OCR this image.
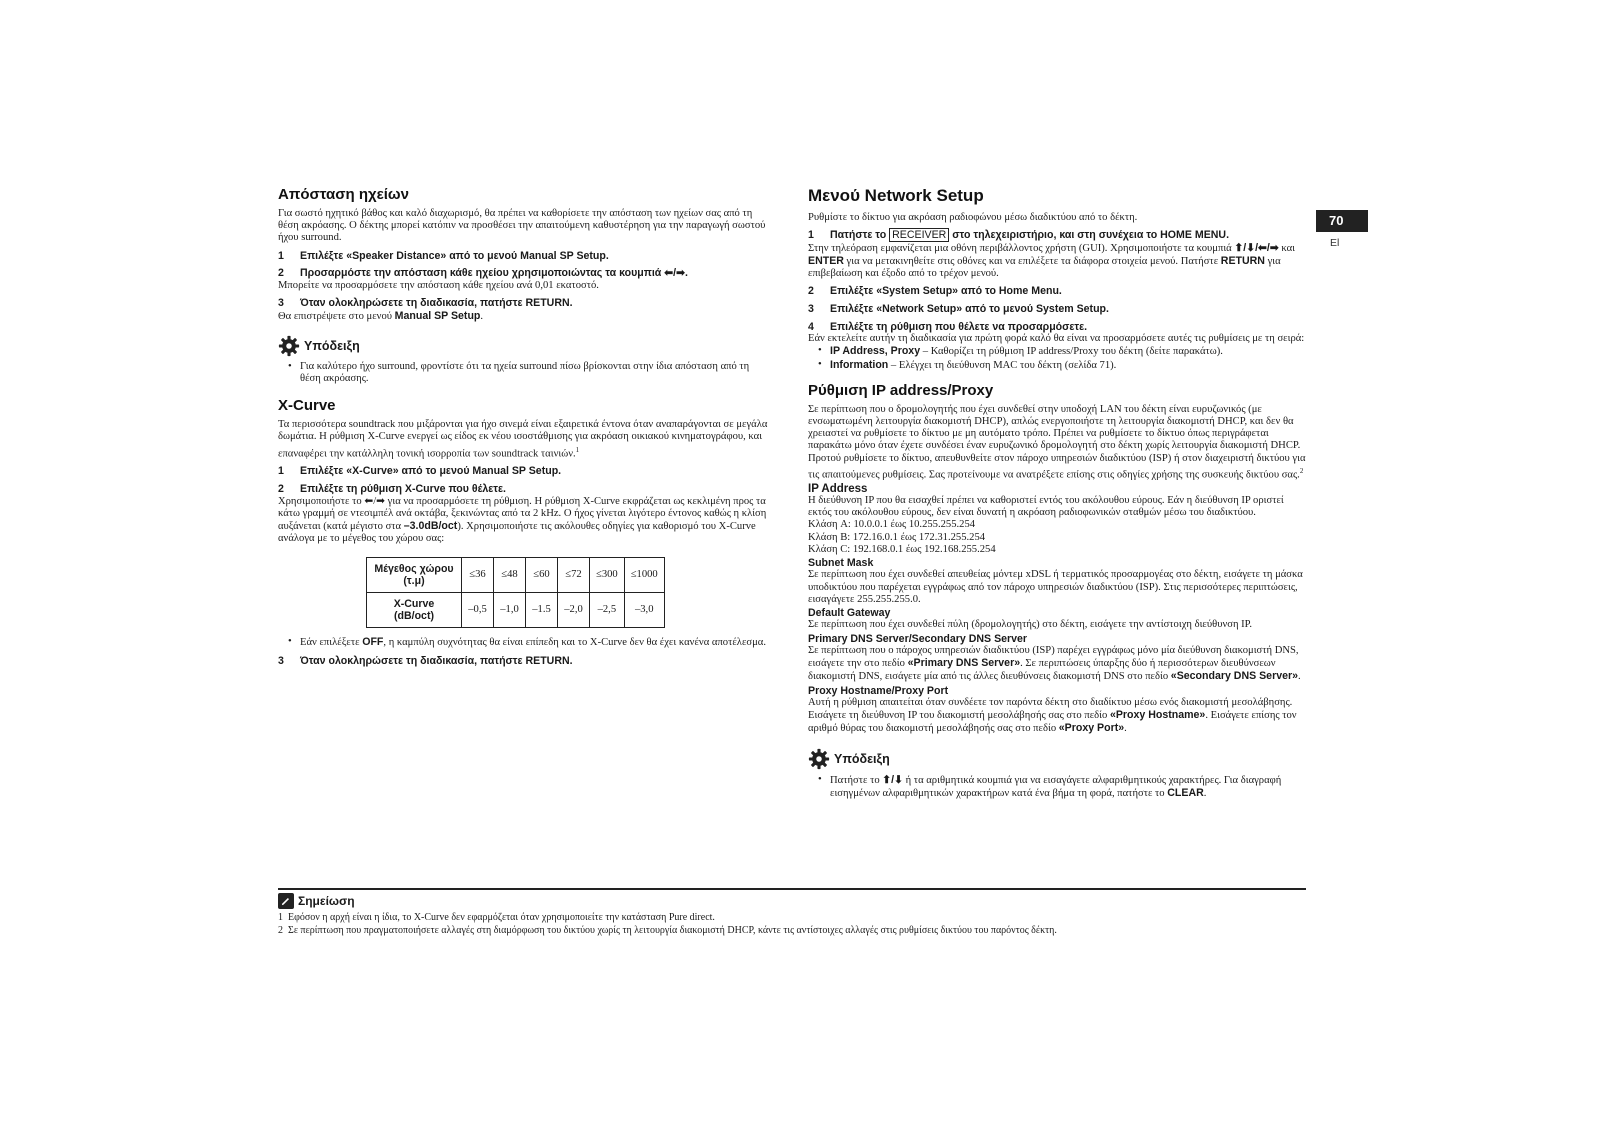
70
El
Απόσταση ηχείων

Για σωστό ηχητικό βάθος και καλό διαχωρισμό, θα πρέπει να καθορίσετε την απόσταση των ηχείων σας από τη θέση ακρόασης. Ο δέκτης μπορεί κατόπιν να προσθέσει την απαιτούμενη καθυστέρηση για την παραγωγή σωστού ήχου surround.

1	Επιλέξτε «Speaker Distance» από το μενού Manual SP Setup.
2	Προσαρμόστε την απόσταση κάθε ηχείου χρησιμοποιώντας τα κουμπιά ⬅/➡.

Μπορείτε να προσαρμόσετε την απόσταση κάθε ηχείου ανά 0,01 εκατοστό.

3	Όταν ολοκληρώσετε τη διαδικασία, πατήστε RETURN.

Θα επιστρέψετε στο μενού Manual SP Setup.

Υπόδειξη
• Για καλύτερο ήχο surround, φροντίστε ότι τα ηχεία surround πίσω βρίσκονται στην ίδια απόσταση από τη θέση ακρόασης.
X-Curve

Τα περισσότερα soundtrack που μιξάρονται για ήχο σινεμά είναι εξαιρετικά έντονα όταν αναπαράγονται σε μεγάλα δωμάτια. Η ρύθμιση X-Curve ενεργεί ως είδος εκ νέου ισοστάθμισης για ακρόαση οικιακού κινηματογράφου, και επαναφέρει την κατάλληλη τονική ισορροπία των soundtrack ταινιών.$^1$

1	Επιλέξτε «X-Curve» από το μενού Manual SP Setup.
2	Επιλέξτε τη ρύθμιση X-Curve που θέλετε.

Χρησιμοποιήστε το ⬅/➡ για να προσαρμόσετε τη ρύθμιση. Η ρύθμιση X-Curve εκφράζεται ως κεκλιμένη προς τα κάτω γραμμή σε ντεσιμπέλ ανά οκτάβα, ξεκινώντας από τα 2 kHz. Ο ήχος γίνεται λιγότερο έντονος καθώς η κλίση αυξάνεται (κατά μέγιστο στα –3.0dB/oct). Χρησιμοποιήστε τις ακόλουθες οδηγίες για καθορισμό του X-Curve ανάλογα με το μέγεθος του χώρου σας:

Μέγεθος χώρου (τ.μ)	≤36	≤48	≤60	≤72	≤300	≤1000
X-Curve (dB/oct)	–0,5	–1,0	–1.5	–2,0	–2,5	–3,0
• Εάν επιλέξετε OFF, η καμπύλη συχνότητας θα είναι επίπεδη και το X-Curve δεν θα έχει κανένα αποτέλεσμα.
3	Όταν ολοκληρώσετε τη διαδικασία, πατήστε RETURN.
Μενού Network Setup

Ρυθμίστε το δίκτυο για ακρόαση ραδιοφώνου μέσω διαδικτύου από το δέκτη.

1	Πατήστε το RECEIVER στο τηλεχειριστήριο, και στη συνέχεια το HOME MENU.

Στην τηλεόραση εμφανίζεται μια οθόνη περιβάλλοντος χρήστη (GUI). Χρησιμοποιήστε τα κουμπιά ⬆/⬇/⬅/➡ και ENTER για να μετακινηθείτε στις οθόνες και να επιλέξετε τα διάφορα στοιχεία μενού. Πατήστε RETURN για επιβεβαίωση και έξοδο από το τρέχον μενού.

2	Επιλέξτε «System Setup» από το Home Menu.
3	Επιλέξτε «Network Setup» από το μενού System Setup.
4	Επιλέξτε τη ρύθμιση που θέλετε να προσαρμόσετε.

Εάν εκτελείτε αυτήν τη διαδικασία για πρώτη φορά καλό θα είναι να προσαρμόσετε αυτές τις ρυθμίσεις με τη σειρά:

• IP Address, Proxy – Καθορίζει τη ρύθμιση IP address/Proxy του δέκτη (δείτε παρακάτω).
• Information – Ελέγχει τη διεύθυνση MAC του δέκτη (σελίδα 71).
Ρύθμιση IP address/Proxy

Σε περίπτωση που ο δρομολογητής που έχει συνδεθεί στην υποδοχή LAN του δέκτη είναι ευρυζωνικός (με ενσωματωμένη λειτουργία διακομιστή DHCP), απλώς ενεργοποιήστε τη λειτουργία διακομιστή DHCP, και δεν θα χρειαστεί να ρυθμίσετε το δίκτυο με μη αυτόματο τρόπο. Πρέπει να ρυθμίσετε το δίκτυο όπως περιγράφεται παρακάτω μόνο όταν έχετε συνδέσει έναν ευρυζωνικό δρομολογητή στο δέκτη χωρίς λειτουργία διακομιστή DHCP. Προτού ρυθμίσετε το δίκτυο, απευθυνθείτε στον πάροχο υπηρεσιών διαδικτύου (ISP) ή στον διαχειριστή δικτύου για τις απαιτούμενες ρυθμίσεις. Σας προτείνουμε να ανατρέξετε επίσης στις οδηγίες χρήσης της συσκευής δικτύου σας.$^2$

IP Address

Η διεύθυνση IP που θα εισαχθεί πρέπει να καθοριστεί εντός του ακόλουθου εύρους. Εάν η διεύθυνση IP οριστεί εκτός του ακόλουθου εύρους, δεν είναι δυνατή η ακρόαση ραδιοφωνικών σταθμών μέσω του διαδικτύου.

Κλάση A: 10.0.0.1 έως 10.255.255.254

Κλάση B: 172.16.0.1 έως 172.31.255.254

Κλάση C: 192.168.0.1 έως 192.168.255.254

Subnet Mask

Σε περίπτωση που έχει συνδεθεί απευθείας μόντεμ xDSL ή τερματικός προσαρμογέας στο δέκτη, εισάγετε τη μάσκα υποδικτύου που παρέχεται εγγράφως από τον πάροχο υπηρεσιών διαδικτύου (ISP). Στις περισσότερες περιπτώσεις, εισαγάγετε 255.255.255.0.

Default Gateway

Σε περίπτωση που έχει συνδεθεί πύλη (δρομολογητής) στο δέκτη, εισάγετε την αντίστοιχη διεύθυνση IP.

Primary DNS Server/Secondary DNS Server

Σε περίπτωση που ο πάροχος υπηρεσιών διαδικτύου (ISP) παρέχει εγγράφως μόνο μία διεύθυνση διακομιστή DNS, εισάγετε την στο πεδίο «Primary DNS Server». Σε περιπτώσεις ύπαρξης δύο ή περισσότερων διευθύνσεων διακομιστή DNS, εισάγετε μία από τις άλλες διευθύνσεις διακομιστή DNS στο πεδίο «Secondary DNS Server».

Proxy Hostname/Proxy Port

Αυτή η ρύθμιση απαιτείται όταν συνδέετε τον παρόντα δέκτη στο διαδίκτυο μέσω ενός διακομιστή μεσολάβησης. Εισάγετε τη διεύθυνση IP του διακομιστή μεσολάβησής σας στο πεδίο «Proxy Hostname». Εισάγετε επίσης τον αριθμό θύρας του διακομιστή μεσολάβησής σας στο πεδίο «Proxy Port».

Υπόδειξη
• Πατήστε το ⬆/⬇ ή τα αριθμητικά κουμπιά για να εισαγάγετε αλφαριθμητικούς χαρακτήρες. Για διαγραφή εισηγμένων αλφαριθμητικών χαρακτήρων κατά ένα βήμα τη φορά, πατήστε το CLEAR.
Σημείωση

1 Εφόσον η αρχή είναι η ίδια, το X-Curve δεν εφαρμόζεται όταν χρησιμοποιείτε την κατάσταση Pure direct.

2 Σε περίπτωση που πραγματοποιήσετε αλλαγές στη διαμόρφωση του δικτύου χωρίς τη λειτουργία διακομιστή DHCP, κάντε τις αντίστοιχες αλλαγές στις ρυθμίσεις δικτύου του παρόντος δέκτη.
